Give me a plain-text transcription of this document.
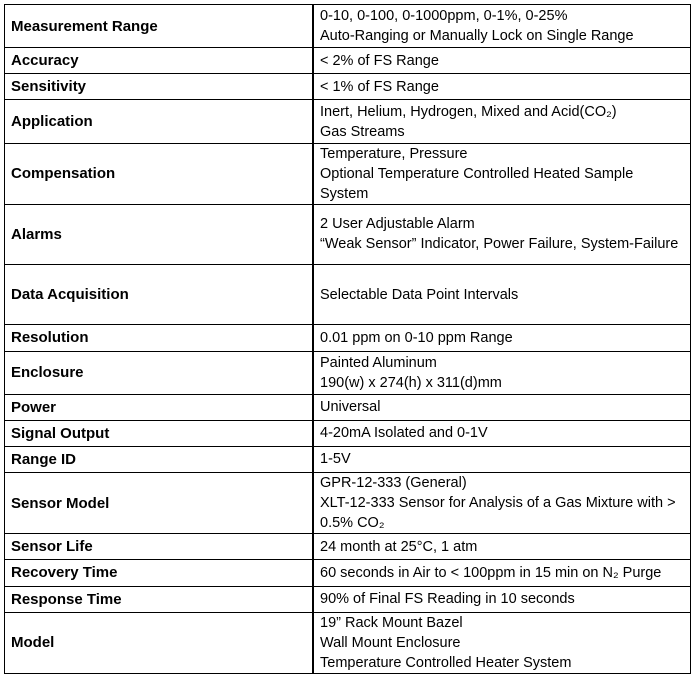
Measurement Range	0-10, 0-100, 0-1000ppm, 0-1%, 0-25%
Auto-Ranging or Manually Lock on Single Range

Accuracy	< 2% of FS Range

Sensitivity	< 1% of FS Range

Application	Inert, Helium, Hydrogen, Mixed and Acid(CO₂)
Gas Streams

Compensation	Temperature, Pressure
Optional Temperature Controlled Heated Sample System

Alarms	2 User Adjustable Alarm
“Weak Sensor” Indicator, Power Failure, System-Failure

Data Acquisition	Selectable Data Point Intervals

Resolution	0.01 ppm on 0-10 ppm Range

Enclosure	Painted Aluminum
190(w) x 274(h) x 311(d)mm

Power	Universal

Signal Output	4-20mA Isolated and 0-1V

Range ID	1-5V

Sensor Model	GPR-12-333 (General)
XLT-12-333 Sensor for Analysis of a Gas Mixture with > 0.5% CO₂

Sensor Life	24 month at 25°C, 1 atm

Recovery Time	60 seconds in Air to < 100ppm in 15 min on N₂ Purge

Response Time	90% of Final FS Reading in 10 seconds

Model	19” Rack Mount Bazel
Wall Mount Enclosure
Temperature Controlled Heater System
